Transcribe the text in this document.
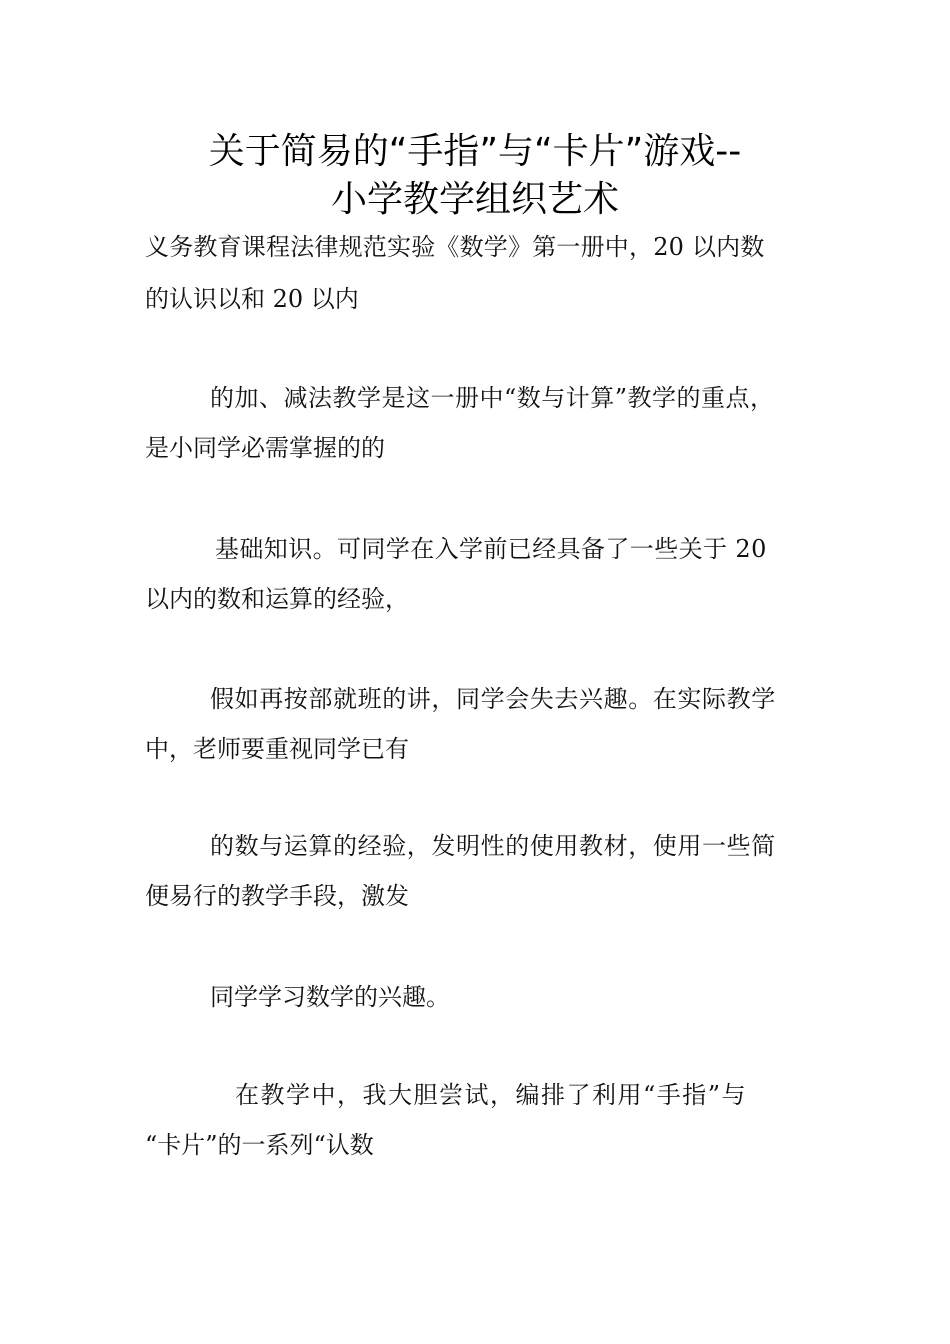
关于简易的“手指”与“卡片”游戏--
小学教学组织艺术

义务教育课程法律规范实验《数学》第一册中，20 以内数

的认识以和 20 以内

的加、减法教学是这一册中“数与计算”教学的重点，

是小同学必需掌握的的

基础知识。可同学在入学前已经具备了一些关于 20

以内的数和运算的经验，

假如再按部就班的讲，同学会失去兴趣。在实际教学

中，老师要重视同学已有

的数与运算的经验，发明性的使用教材，使用一些简

便易行的教学手段，激发

同学学习数学的兴趣。

在教学中，我大胆尝试，编排了利用“手指”与

“卡片”的一系列“认数
